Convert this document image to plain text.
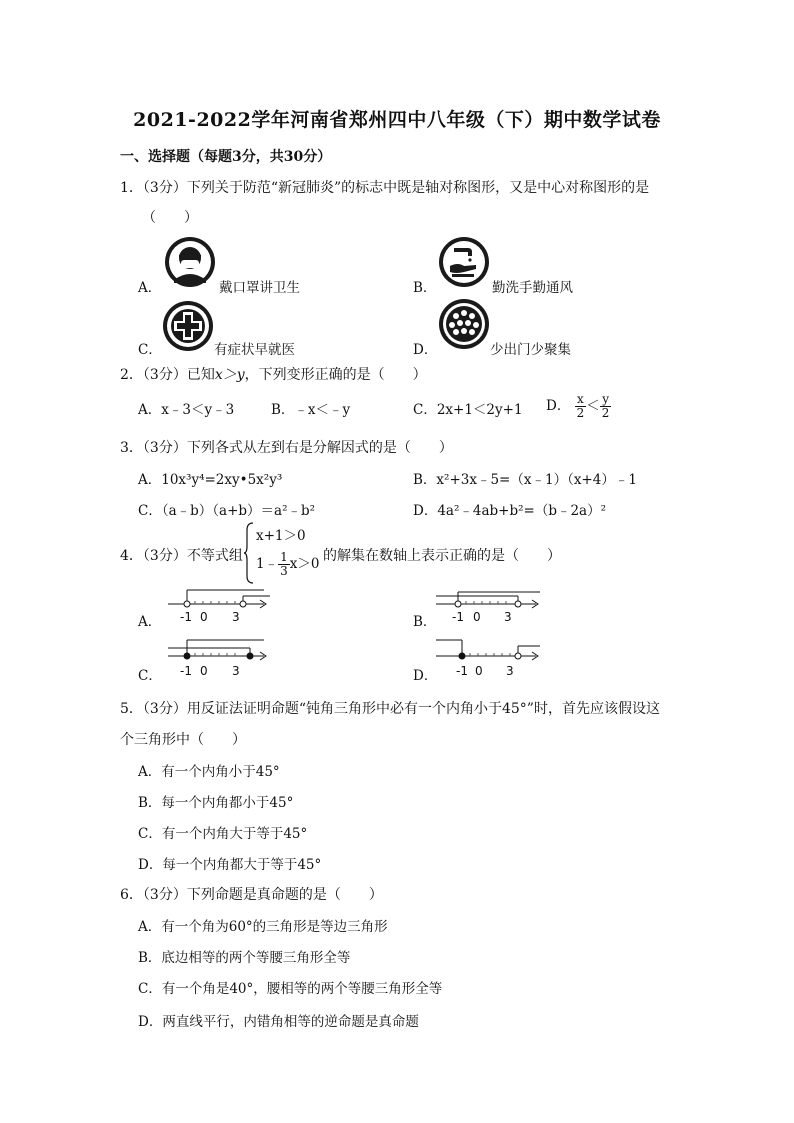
2021-2022学年河南省郑州四中八年级（下）期中数学试卷
一、选择题（每题3分，共30分）
1．（3分）下列关于防范“新冠肺炎”的标志中既是轴对称图形，又是中心对称图形的是
（　　）
A．	戴口罩讲卫生	B．	勤洗手勤通风
C．	有症状早就医	D．	少出门少聚集
2．（3分）已知x＞y，下列变形正确的是（　　）
A．x﹣3＜y﹣3	B．﹣x＜﹣y	C．2x+1＜2y+1 D． $\frac{x}{2} < \frac{y}{2}$
3．（3分）下列各式从左到右是分解因式的是（　　）
A．10x³y⁴=2xy•5x²y³	B．x²+3x﹣5=（x﹣1）（x+4）﹣1
C．（a﹣b）（a+b）＝a²﹣b²	D．4a²﹣4ab+b²=（b﹣2a）²
4．（3分）不等式组
x+1＞0
1﹣ $\frac{1}{3} x>0$ 的解集在数轴上表示正确的是（　　）
A． -1 0 3	B． -1 0 3
C． -1 0 3	D． -1 0 3
5．（3分）用反证法证明命题“钝角三角形中必有一个内角小于45°”时，首先应该假设这
个三角形中（　　）
A．有一个内角小于45°
B．每一个内角都小于45°
C．有一个内角大于等于45°
D．每一个内角都大于等于45°
6．（3分）下列命题是真命题的是（　　）
A．有一个角为60°的三角形是等边三角形
B．底边相等的两个等腰三角形全等
C．有一个角是40°，腰相等的两个等腰三角形全等
D．两直线平行，内错角相等的逆命题是真命题
